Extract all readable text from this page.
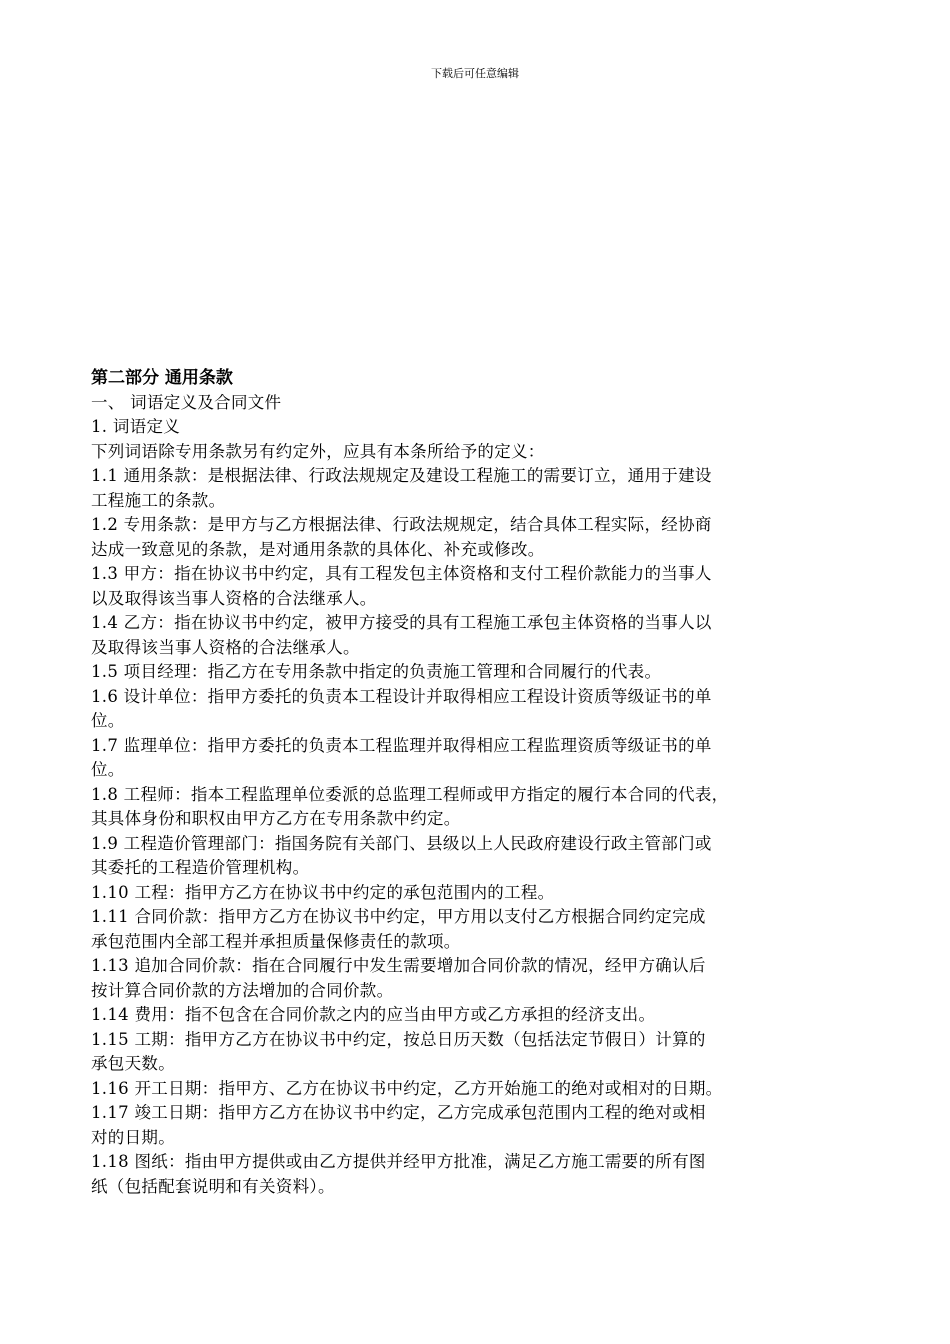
下载后可任意编辑
第二部分 通用条款
一、 词语定义及合同文件
1. 词语定义
下列词语除专用条款另有约定外，应具有本条所给予的定义：
1.1 通用条款：是根据法律、行政法规规定及建设工程施工的需要订立，通用于建设
工程施工的条款。
1.2 专用条款：是甲方与乙方根据法律、行政法规规定，结合具体工程实际，经协商
达成一致意见的条款，是对通用条款的具体化、补充或修改。
1.3 甲方：指在协议书中约定，具有工程发包主体资格和支付工程价款能力的当事人
以及取得该当事人资格的合法继承人。
1.4 乙方：指在协议书中约定，被甲方接受的具有工程施工承包主体资格的当事人以
及取得该当事人资格的合法继承人。
1.5 项目经理：指乙方在专用条款中指定的负责施工管理和合同履行的代表。
1.6 设计单位：指甲方委托的负责本工程设计并取得相应工程设计资质等级证书的单
位。
1.7 监理单位：指甲方委托的负责本工程监理并取得相应工程监理资质等级证书的单
位。
1.8 工程师：指本工程监理单位委派的总监理工程师或甲方指定的履行本合同的代表，
其具体身份和职权由甲方乙方在专用条款中约定。
1.9 工程造价管理部门：指国务院有关部门、县级以上人民政府建设行政主管部门或
其委托的工程造价管理机构。
1.10 工程：指甲方乙方在协议书中约定的承包范围内的工程。
1.11 合同价款：指甲方乙方在协议书中约定，甲方用以支付乙方根据合同约定完成
承包范围内全部工程并承担质量保修责任的款项。
1.13 追加合同价款：指在合同履行中发生需要增加合同价款的情况，经甲方确认后
按计算合同价款的方法增加的合同价款。
1.14 费用：指不包含在合同价款之内的应当由甲方或乙方承担的经济支出。
1.15 工期：指甲方乙方在协议书中约定，按总日历天数（包括法定节假日）计算的
承包天数。
1.16 开工日期：指甲方、乙方在协议书中约定，乙方开始施工的绝对或相对的日期。
1.17 竣工日期：指甲方乙方在协议书中约定，乙方完成承包范围内工程的绝对或相
对的日期。
1.18 图纸：指由甲方提供或由乙方提供并经甲方批准，满足乙方施工需要的所有图
纸（包括配套说明和有关资料）。
